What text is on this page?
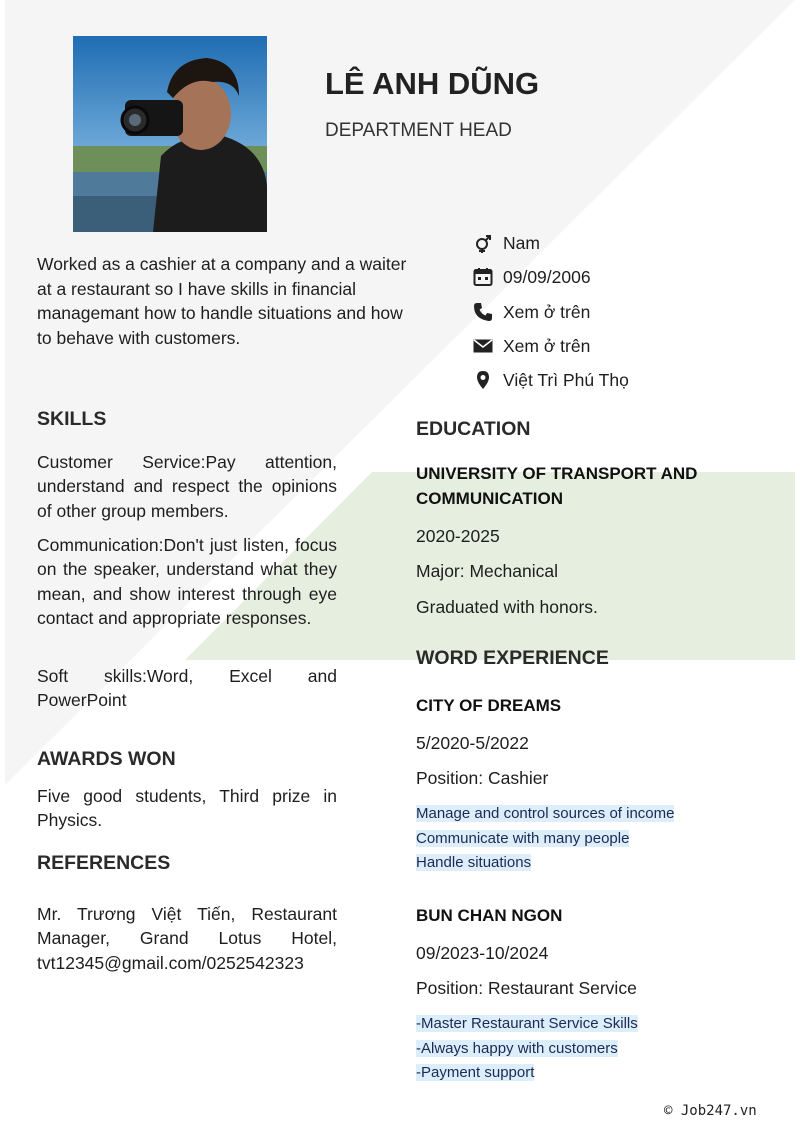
LÊ ANH DŨNG
DEPARTMENT HEAD
Worked as a cashier at a company and a waiter at a restaurant so I have skills in financial managemant how to handle situations and how to behave with customers.
Nam
09/09/2006
Xem ở trên
Xem ở trên
Việt Trì Phú Thọ
SKILLS
Customer Service:Pay attention, understand and respect the opinions of other group members.
Communication:Don't just listen, focus on the speaker, understand what they mean, and show interest through eye contact and appropriate responses.
Soft skills:Word, Excel and PowerPoint
AWARDS WON
Five good students, Third prize in Physics.
REFERENCES
Mr. Trương Việt Tiến, Restaurant Manager, Grand Lotus Hotel, tvt12345@gmail.com/0252542323
EDUCATION
UNIVERSITY OF TRANSPORT AND COMMUNICATION
2020-2025
Major: Mechanical
Graduated with honors.
WORD EXPERIENCE
CITY OF DREAMS
5/2020-5/2022
Position: Cashier
Manage and control sources of income
Communicate with many people
Handle situations
BUN CHAN NGON
09/2023-10/2024
Position: Restaurant Service
-Master Restaurant Service Skills
-Always happy with customers
-Payment support
© Job247.vn
